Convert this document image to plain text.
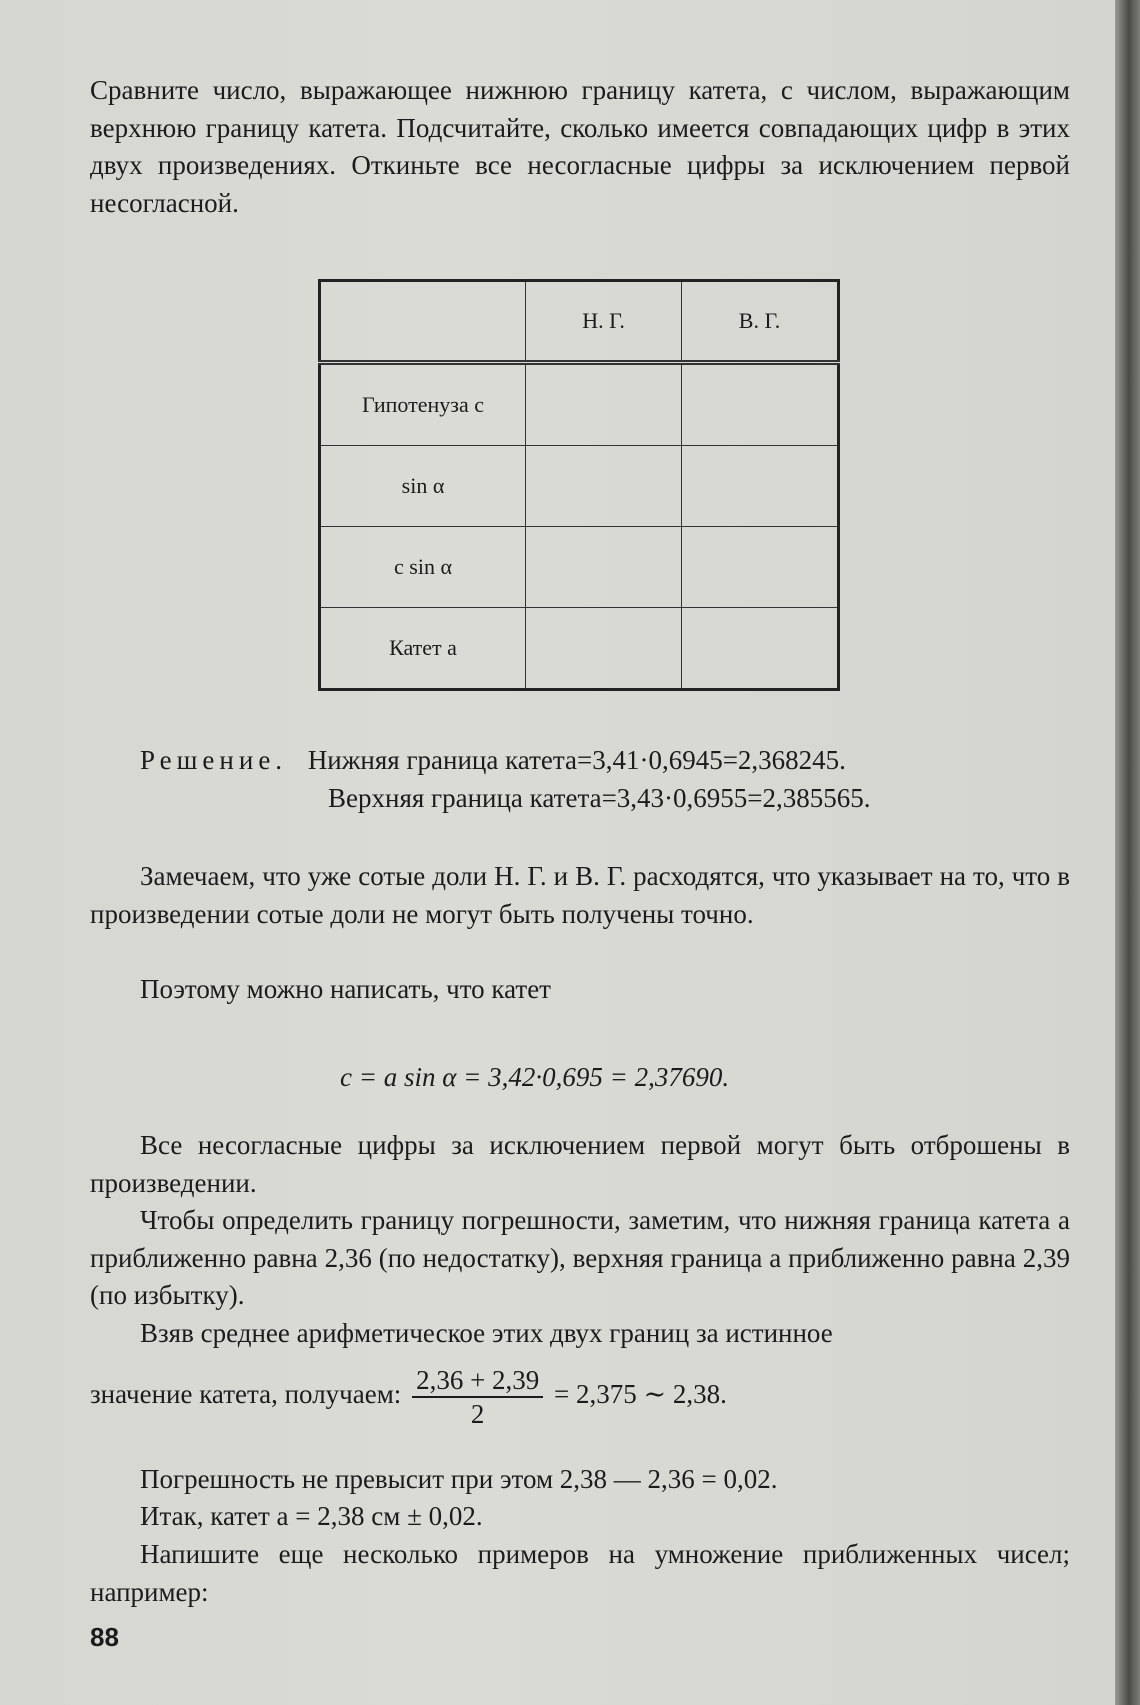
Сравните число, выражающее нижнюю границу катета, с числом, выражающим верхнюю границу катета. Подсчитайте, сколько имеется совпадающих цифр в этих двух произведениях. Откиньте все несогласные цифры за исключением первой несогласной.

	Н. Г.	В. Г.
Гипотенуза c		
sin α		
c sin α		
Катет a		
Решение. Нижняя граница катета=3,41·0,6945=2,368245.
Верхняя граница катета=3,43·0,6955=2,385565.

Замечаем, что уже сотые доли Н. Г. и В. Г. расходятся, что указывает на то, что в произведении сотые доли не могут быть получены точно.

Поэтому можно написать, что катет

c = a sin α = 3,42·0,695 = 2,37690.

Все несогласные цифры за исключением первой могут быть отброшены в произведении.

Чтобы определить границу погрешности, заметим, что нижняя граница катета a приближенно равна 2,36 (по недостатку), верхняя граница a приближенно равна 2,39 (по избытку).

Взяв среднее арифметическое этих двух границ за истинное

значение катета, получаем: $\frac{2,36 + 2,39}{2} = 2,375$ ∼ 2,38.

Погрешность не превысит при этом 2,38 — 2,36 = 0,02.

Итак, катет a = 2,38 см ± 0,02.

Напишите еще несколько примеров на умножение приближенных чисел; например:

88
